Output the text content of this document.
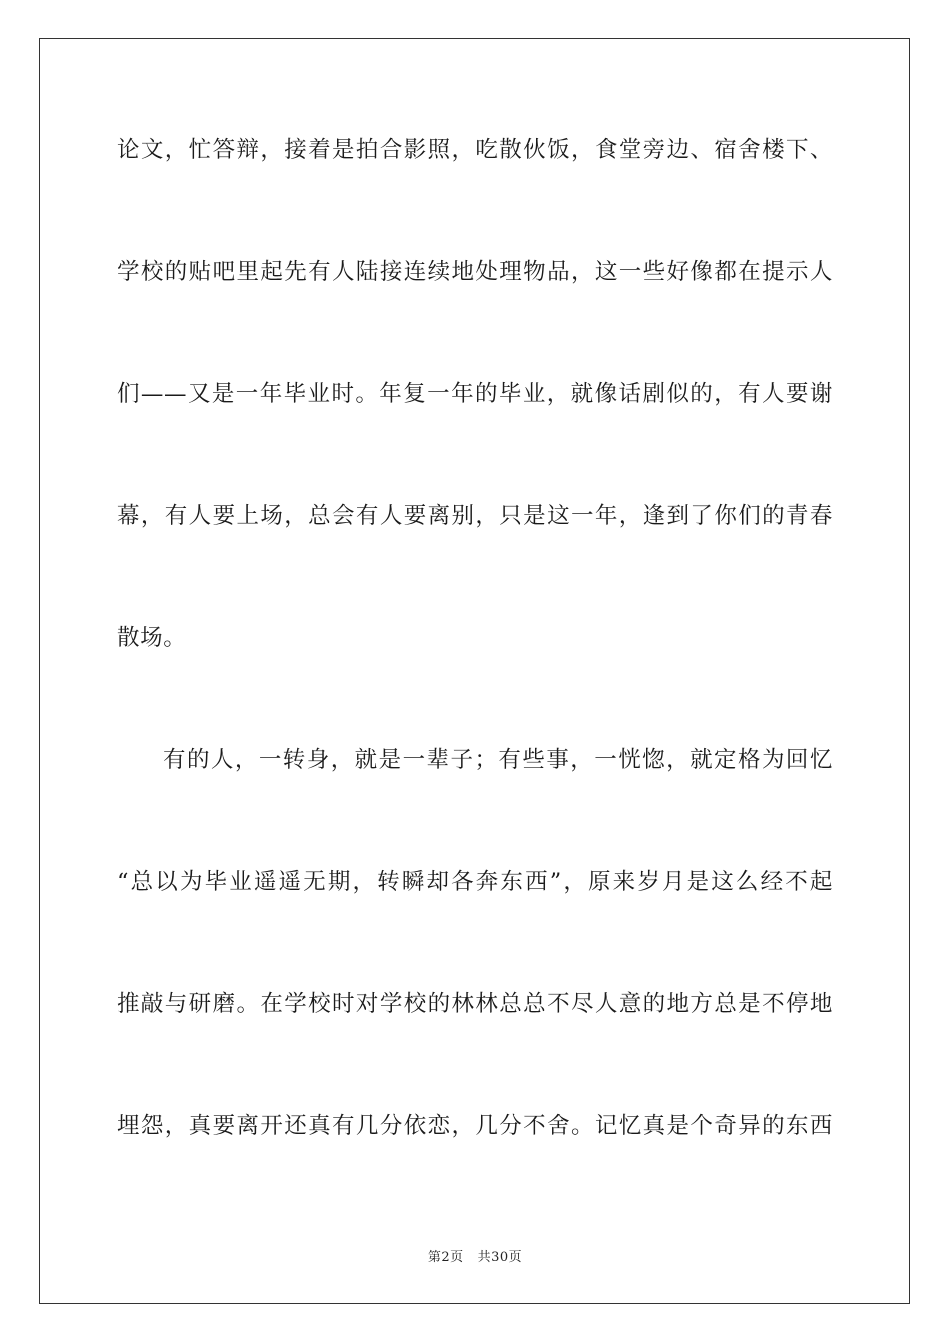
论文，忙答辩，接着是拍合影照，吃散伙饭，食堂旁边、宿舍楼下、
学校的贴吧里起先有人陆接连续地处理物品，这一些好像都在提示人
们——又是一年毕业时。年复一年的毕业，就像话剧似的，有人要谢
幕，有人要上场，总会有人要离别，只是这一年，逢到了你们的青春
散场。
有的人，一转身，就是一辈子；有些事，一恍惚，就定格为回忆
“总以为毕业遥遥无期，转瞬却各奔东西”，原来岁月是这么经不起
推敲与研磨。在学校时对学校的林林总总不尽人意的地方总是不停地
埋怨，真要离开还真有几分依恋，几分不舍。记忆真是个奇异的东西
第2页 共30页
